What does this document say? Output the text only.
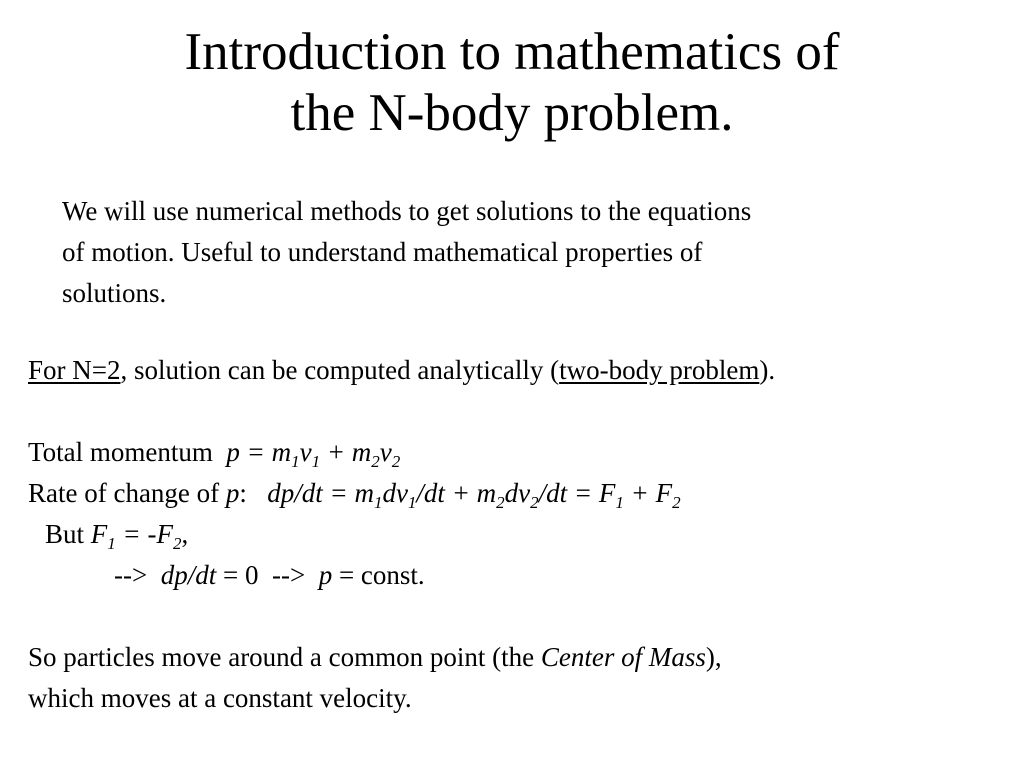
Introduction to mathematics of
the N-body problem.
We will use numerical methods to get solutions to the equations
of motion. Useful to understand mathematical properties of
solutions.
For N=2, solution can be computed analytically (two-body problem).
Total momentum  $p = m_1v_1 + m_2v_2$
Rate of change of p:   $dp/dt = m_1dv_1/dt + m_2dv_2/dt = F_1 + F_2$
But $F_1 = -F_2$,
-->  dp/dt = 0  -->  p = const.
So particles move around a common point (the Center of Mass),
which moves at a constant velocity.
